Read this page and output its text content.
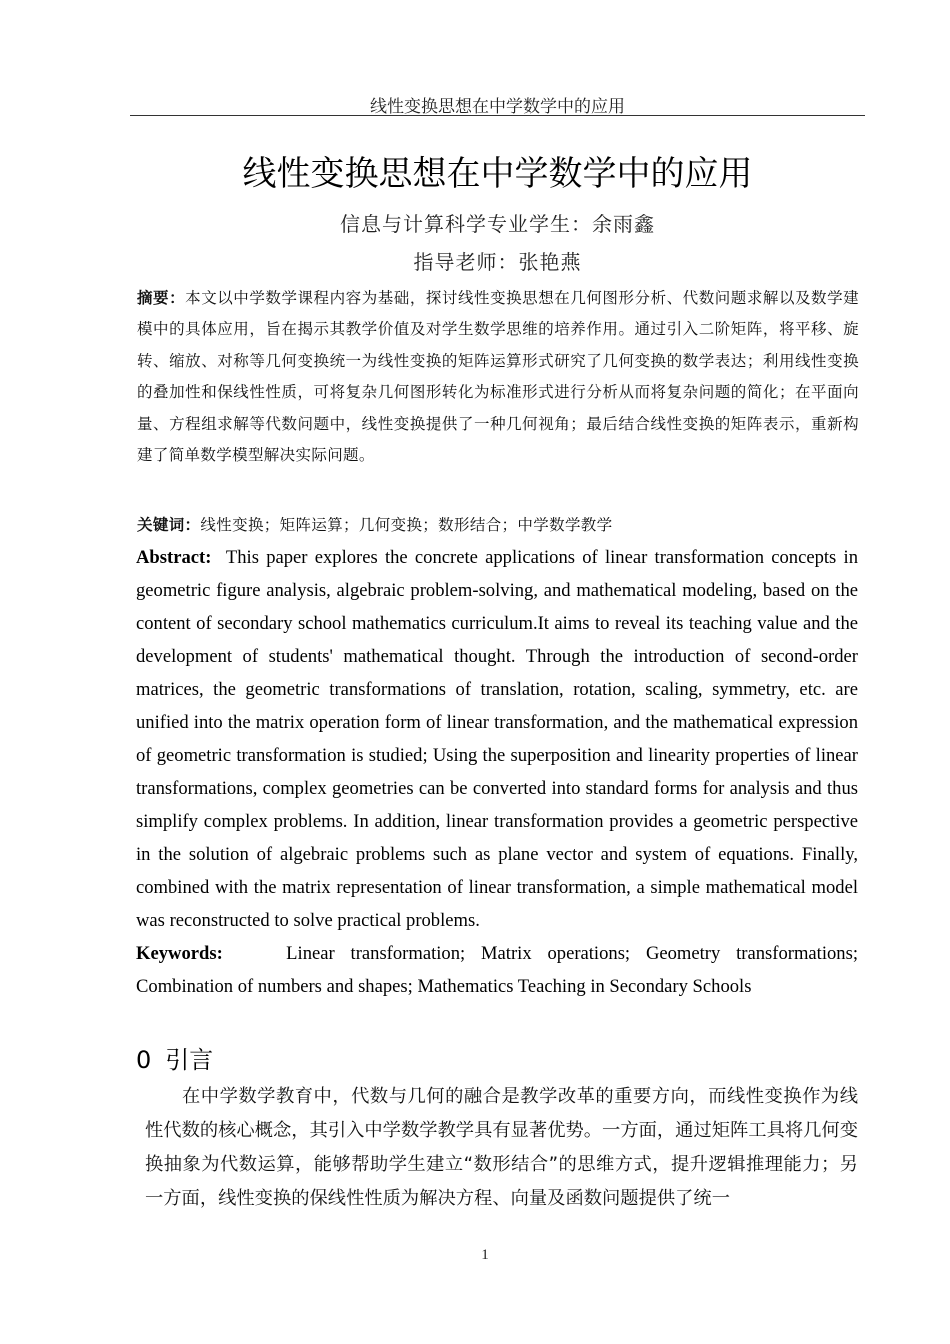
线性变换思想在中学数学中的应用
线性变换思想在中学数学中的应用
信息与计算科学专业学生：余雨鑫
指导老师：张艳燕
摘要：本文以中学数学课程内容为基础，探讨线性变换思想在几何图形分析、代数问题求解以及数学建模中的具体应用，旨在揭示其教学价值及对学生数学思维的培养作用。通过引入二阶矩阵，将平移、旋转、缩放、对称等几何变换统一为线性变换的矩阵运算形式研究了几何变换的数学表达；利用线性变换的叠加性和保线性性质，可将复杂几何图形转化为标准形式进行分析从而将复杂问题的简化；在平面向量、方程组求解等代数问题中，线性变换提供了一种几何视角；最后结合线性变换的矩阵表示，重新构建了简单数学模型解决实际问题。
关键词：线性变换；矩阵运算；几何变换；数形结合；中学数学教学
Abstract: This paper explores the concrete applications of linear transformation concepts in geometric figure analysis, algebraic problem-solving, and mathematical modeling, based on the content of secondary school mathematics curriculum.It aims to reveal its teaching value and the development of students' mathematical thought. Through the introduction of second-order matrices, the geometric transformations of translation, rotation, scaling, symmetry, etc. are unified into the matrix operation form of linear transformation, and the mathematical expression of geometric transformation is studied; Using the superposition and linearity properties of linear transformations, complex geometries can be converted into standard forms for analysis and thus simplify complex problems. In addition, linear transformation provides a geometric perspective in the solution of algebraic problems such as plane vector and system of equations. Finally, combined with the matrix representation of linear transformation, a simple mathematical model was reconstructed to solve practical problems.
Keywords:	Linear transformation; Matrix operations; Geometry transformations; Combination of numbers and shapes; Mathematics Teaching in Secondary Schools
0 引言
在中学数学教育中，代数与几何的融合是教学改革的重要方向，而线性变换作为线性代数的核心概念，其引入中学数学教学具有显著优势。一方面，通过矩阵工具将几何变换抽象为代数运算，能够帮助学生建立“数形结合”的思维方式，提升逻辑推理能力；另一方面，线性变换的保线性性质为解决方程、向量及函数问题提供了统一
1
